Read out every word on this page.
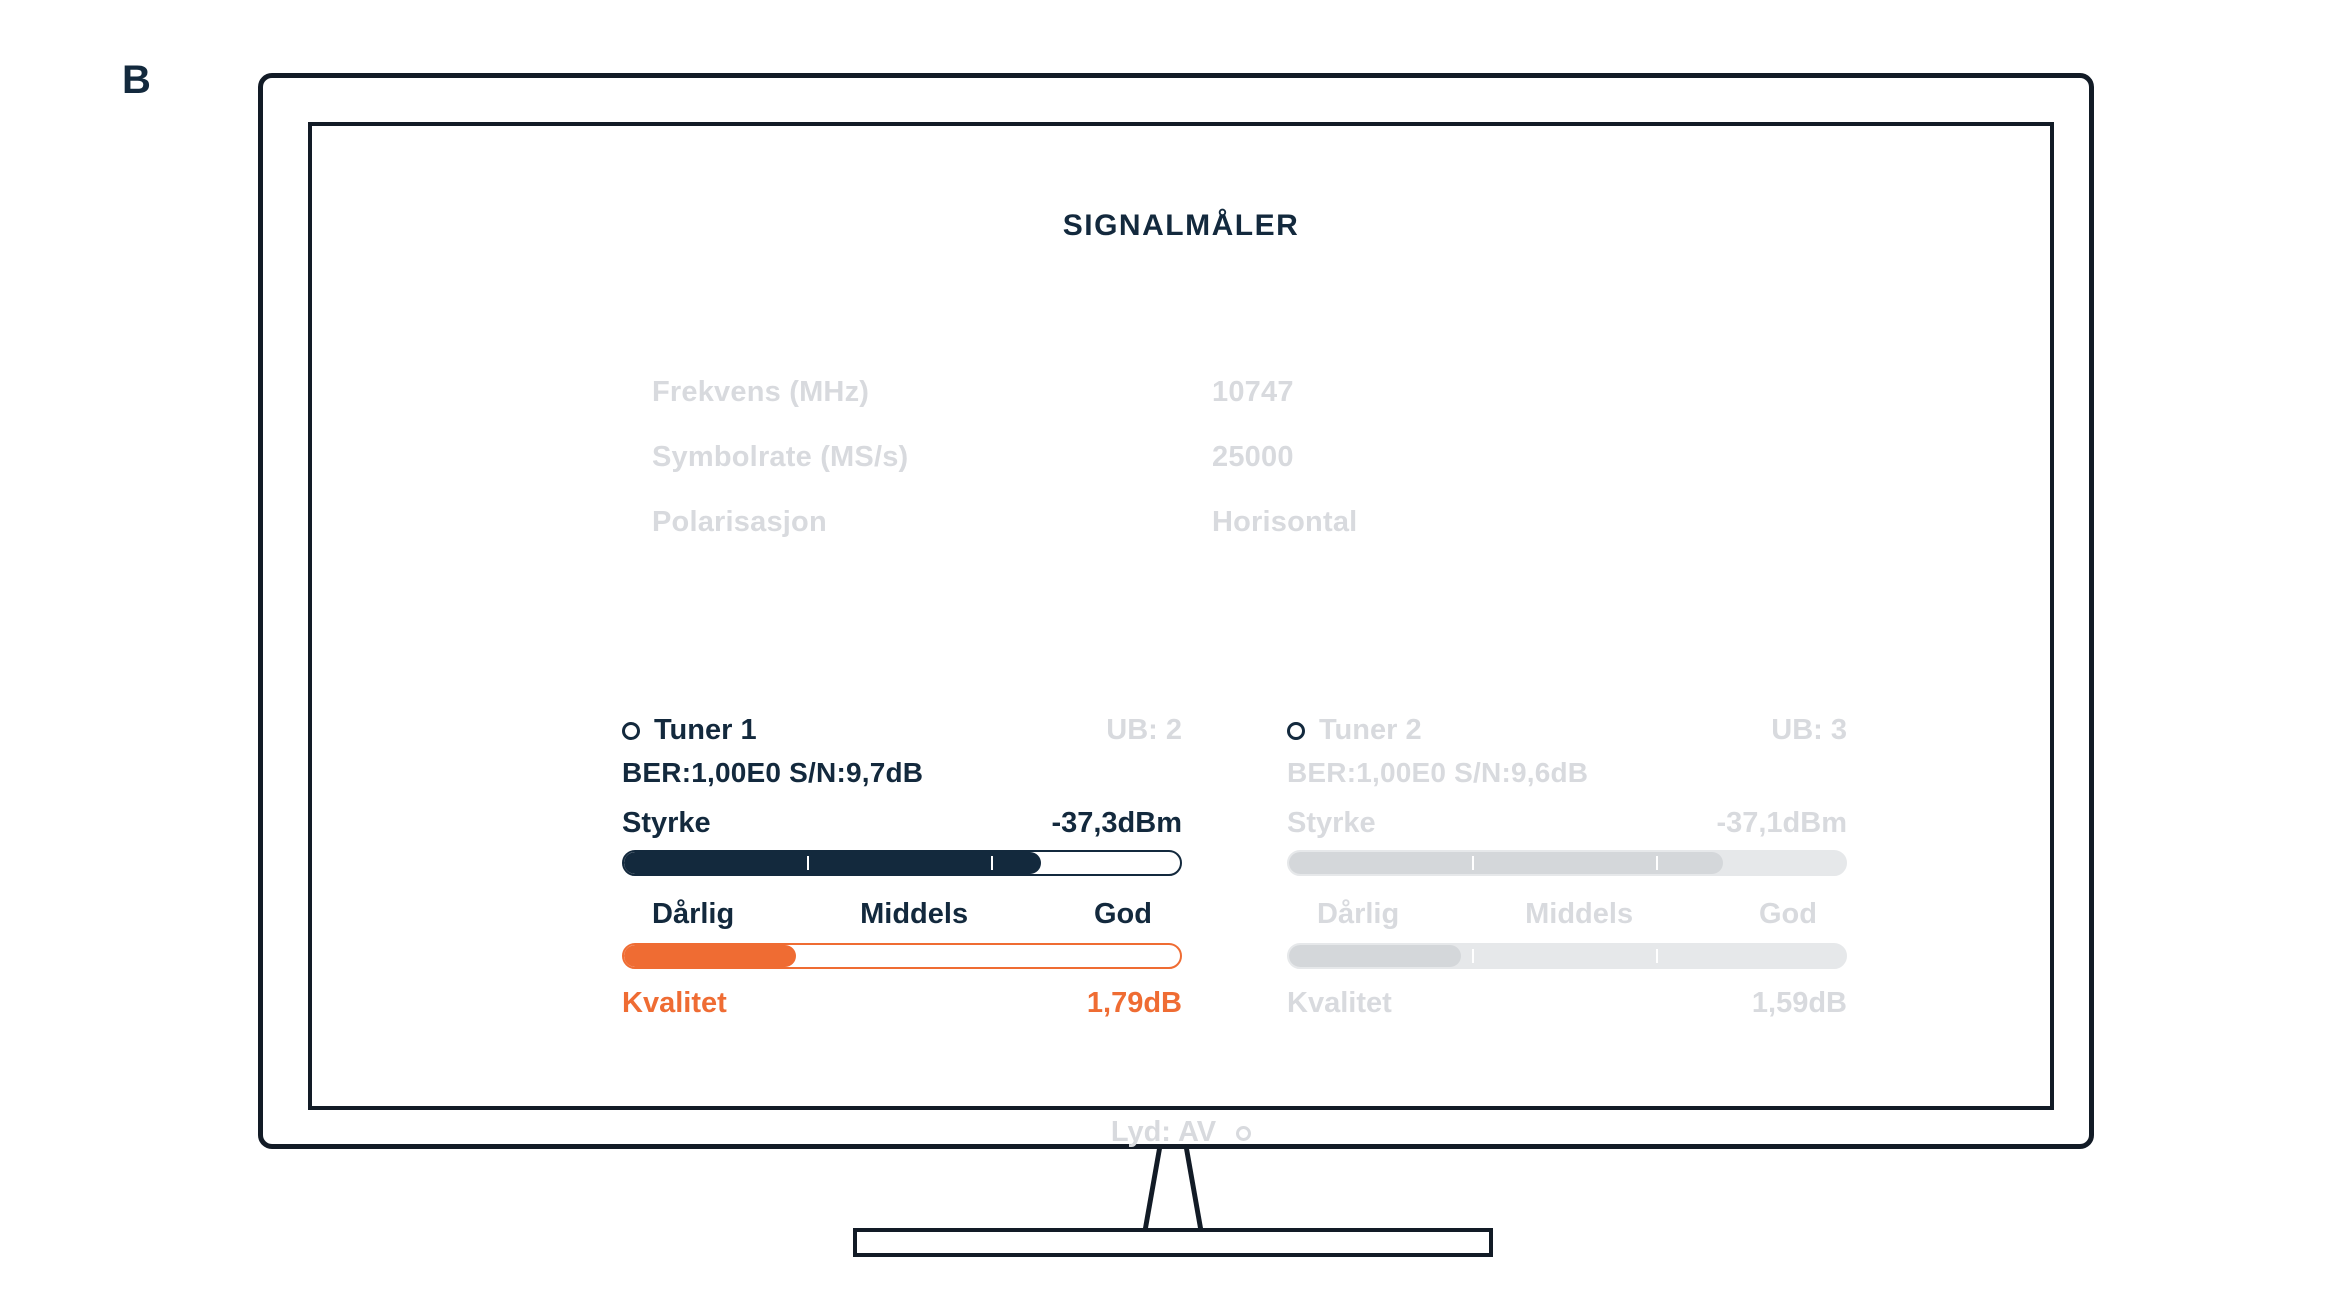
B
SIGNALMÅLER
Frekvens (MHz)	10747
Symbolrate (MS/s)	25000
Polarisasjon	Horisontal
Tuner 1	UB: 2
BER:1,00E0 S/N:9,7dB
Styrke	-37,3dBm
Dårlig	Middels	God
Kvalitet	1,79dB
Tuner 2	UB: 3
BER:1,00E0 S/N:9,6dB
Styrke	-37,1dBm
Dårlig	Middels	God
Kvalitet	1,59dB
Lyd: AV
